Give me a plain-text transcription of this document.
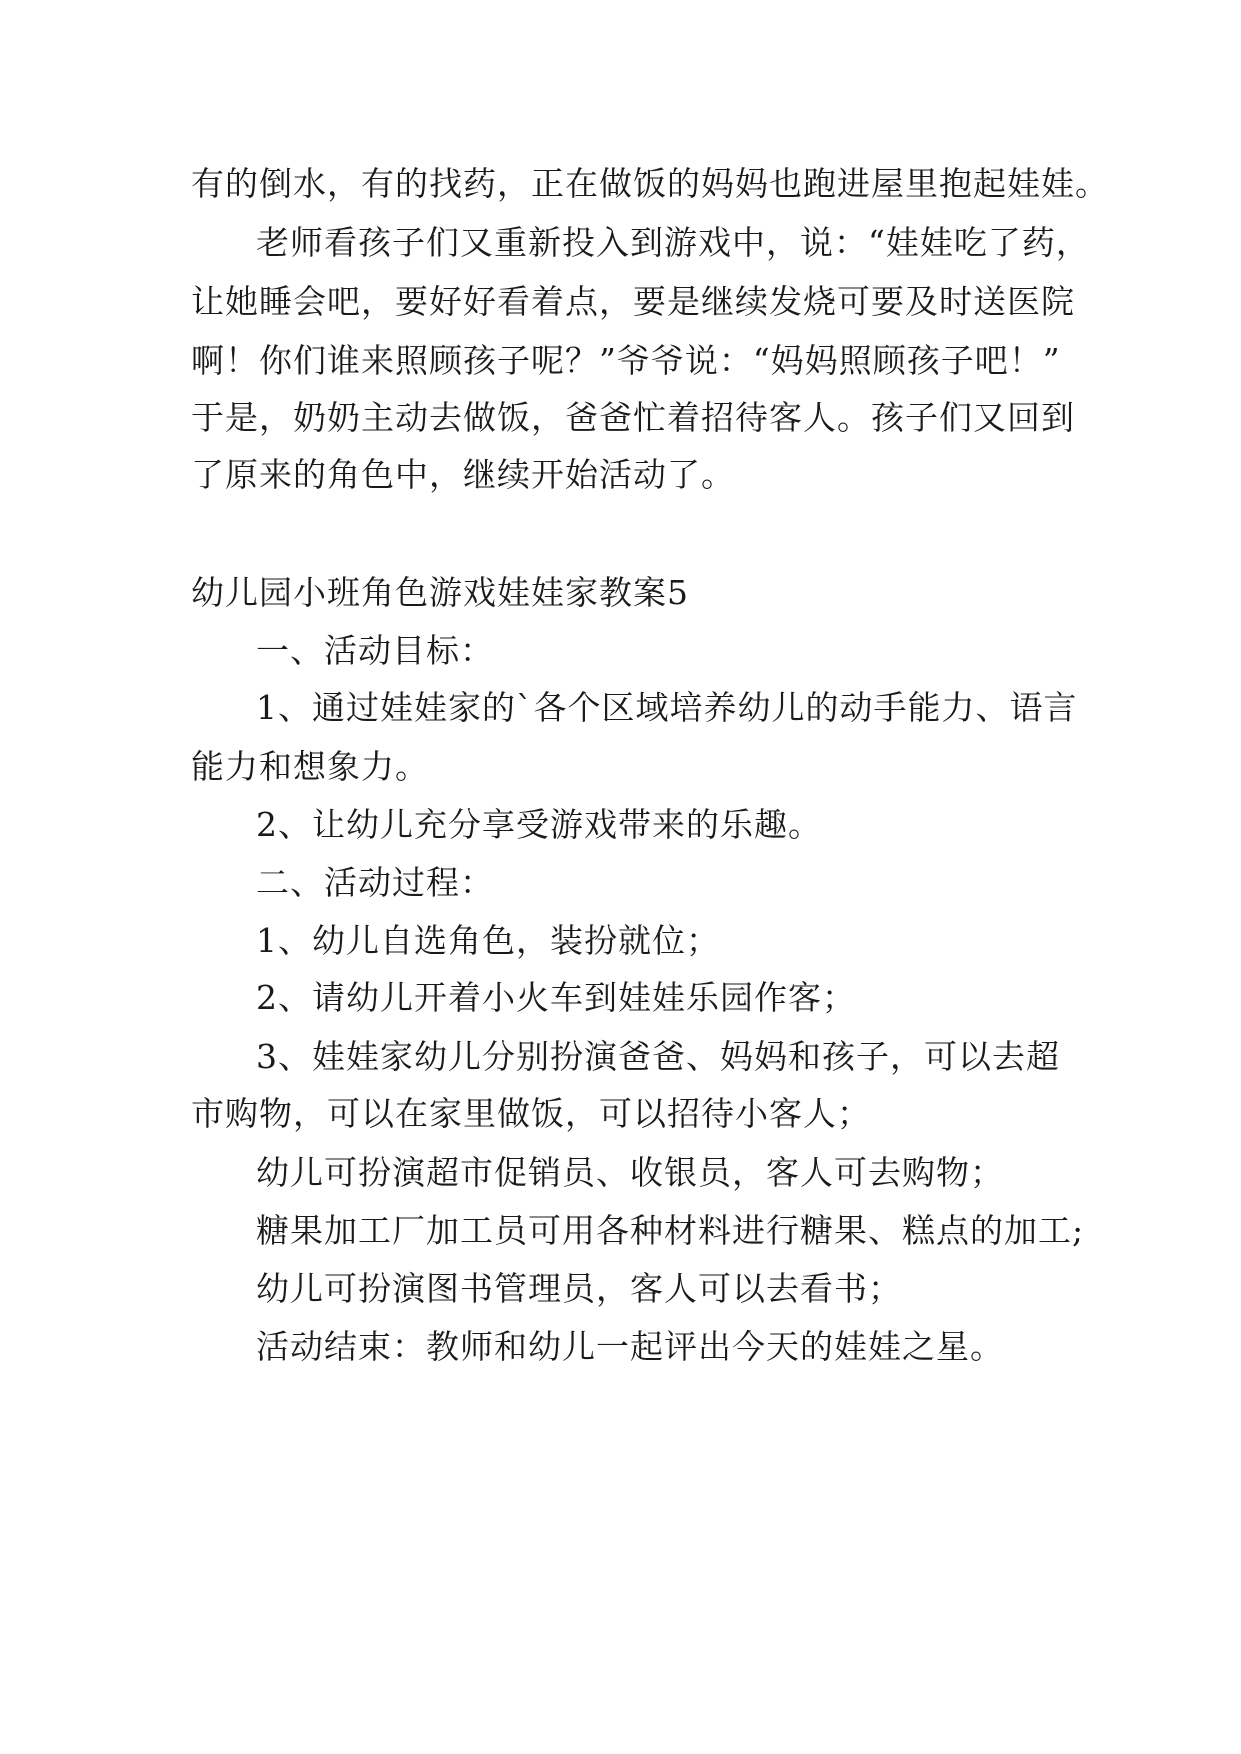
有的倒水，有的找药，正在做饭的妈妈也跑进屋里抱起娃娃。
老师看孩子们又重新投入到游戏中，说：“娃娃吃了药，
让她睡会吧，要好好看着点，要是继续发烧可要及时送医院
啊！你们谁来照顾孩子呢？”爷爷说：“妈妈照顾孩子吧！”
于是，奶奶主动去做饭，爸爸忙着招待客人。孩子们又回到
了原来的角色中，继续开始活动了。
幼儿园小班角色游戏娃娃家教案5
一、活动目标：
1、通过娃娃家的`各个区域培养幼儿的动手能力、语言
能力和想象力。
2、让幼儿充分享受游戏带来的乐趣。
二、活动过程：
1、幼儿自选角色，装扮就位；
2、请幼儿开着小火车到娃娃乐园作客；
3、娃娃家幼儿分别扮演爸爸、妈妈和孩子，可以去超
市购物，可以在家里做饭，可以招待小客人；
幼儿可扮演超市促销员、收银员，客人可去购物；
糖果加工厂加工员可用各种材料进行糖果、糕点的加工;
幼儿可扮演图书管理员，客人可以去看书；
活动结束：教师和幼儿一起评出今天的娃娃之星。
